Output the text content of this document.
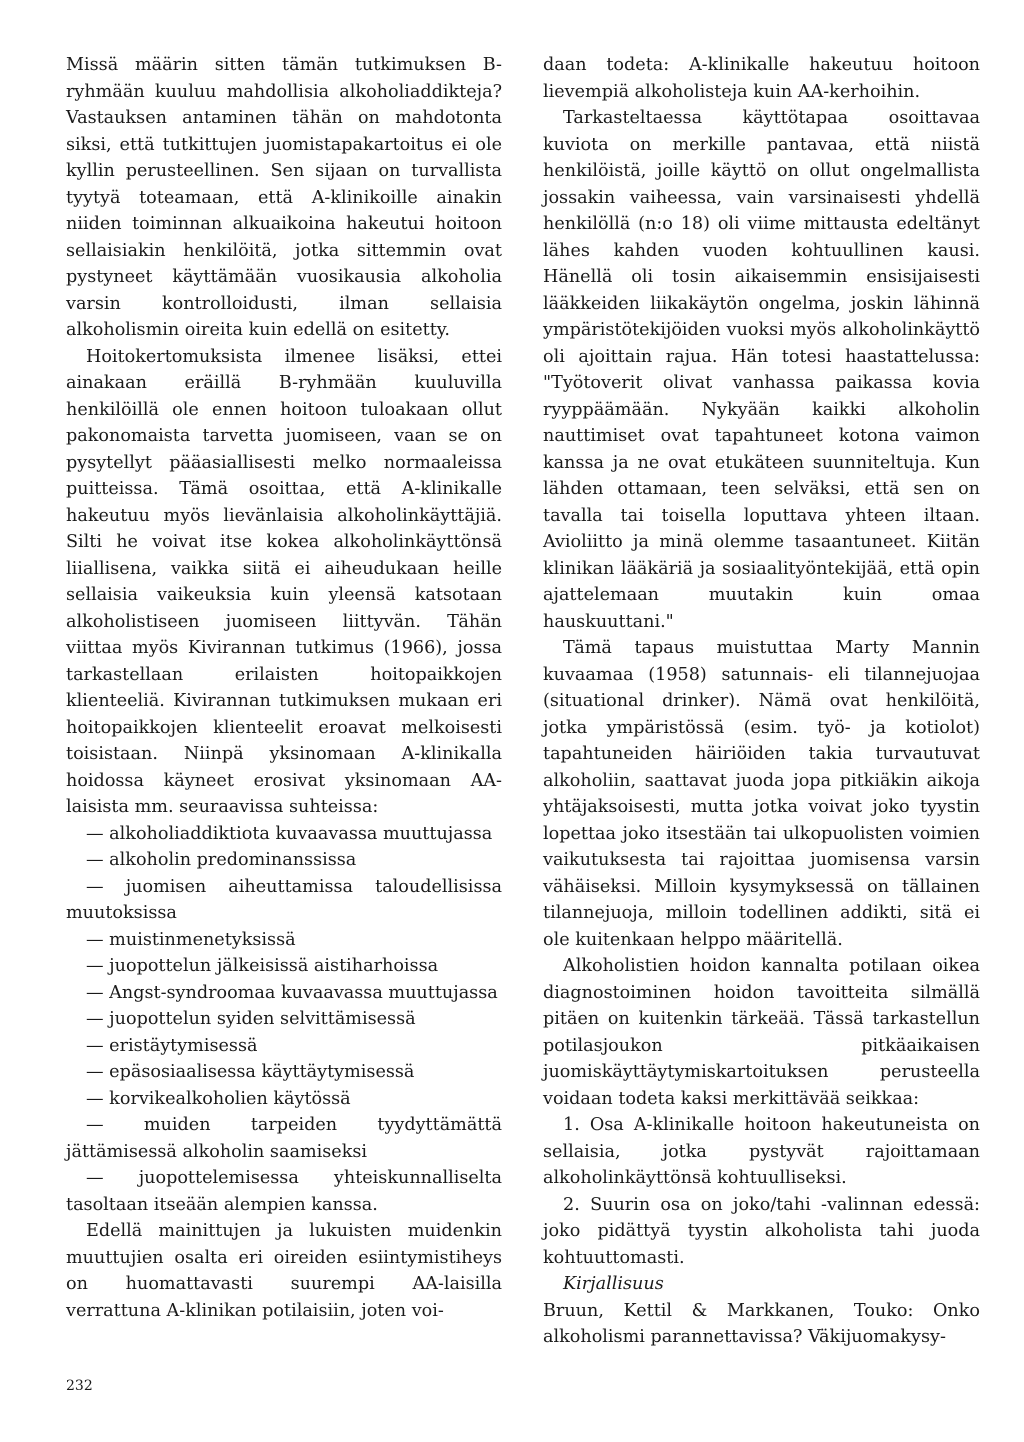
Missä määrin sitten tämän tutkimuksen B-ryhmään kuuluu mahdollisia alkoholiaddikteja? Vastauksen antaminen tähän on mahdotonta siksi, että tutkittujen juomistapakartoitus ei ole kyllin perusteellinen. Sen sijaan on turvallista tyytyä toteamaan, että A-klinikoille ainakin niiden toiminnan alkuaikoina hakeutui hoitoon sellaisiakin henkilöitä, jotka sittemmin ovat pystyneet käyttämään vuosikausia alkoholia varsin kontrolloidusti, ilman sellaisia alkoholismin oireita kuin edellä on esitetty.

Hoitokertomuksista ilmenee lisäksi, ettei ainakaan eräillä B-ryhmään kuuluvilla henkilöillä ole ennen hoitoon tuloakaan ollut pakonomaista tarvetta juomiseen, vaan se on pysytellyt pääasiallisesti melko normaaleissa puitteissa. Tämä osoittaa, että A-klinikalle hakeutuu myös lievänlaisia alkoholinkäyttäjiä. Silti he voivat itse kokea alkoholinkäyttönsä liiallisena, vaikka siitä ei aiheudukaan heille sellaisia vaikeuksia kuin yleensä katsotaan alkoholistiseen juomiseen liittyvän. Tähän viittaa myös Kivirannan tutkimus (1966), jossa tarkastellaan erilaisten hoitopaikkojen klienteeliä. Kivirannan tutkimuksen mukaan eri hoitopaikkojen klienteelit eroavat melkoisesti toisistaan. Niinpä yksinomaan A-klinikalla hoidossa käyneet erosivat yksinomaan AA-laisista mm. seuraavissa suhteissa:

— alkoholiaddiktiota kuvaavassa muuttujassa
— alkoholin predominanssissa
— juomisen aiheuttamissa taloudellisissa muutoksissa
— muistinmenetyksissä
— juopottelun jälkeisissä aistiharhoissa
— Angst-syndroomaa kuvaavassa muuttujassa
— juopottelun syiden selvittämisessä
— eristäytymisessä
— epäsosiaalisessa käyttäytymisessä
— korvikealkoholien käytössä
— muiden tarpeiden tyydyttämättä jättämisessä alkoholin saamiseksi
— juopottelemisessa yhteiskunnalliselta tasoltaan itseään alempien kanssa.

Edellä mainittujen ja lukuisten muidenkin muuttujien osalta eri oireiden esiintymistiheys on huomattavasti suurempi AA-laisilla verrattuna A-klinikan potilaisiin, joten voi-

daan todeta: A-klinikalle hakeutuu hoitoon lievempiä alkoholisteja kuin AA-kerhoihin.

Tarkasteltaessa käyttötapaa osoittavaa kuviota on merkille pantavaa, että niistä henkilöistä, joille käyttö on ollut ongelmallista jossakin vaiheessa, vain varsinaisesti yhdellä henkilöllä (n:o 18) oli viime mittausta edeltänyt lähes kahden vuoden kohtuullinen kausi. Hänellä oli tosin aikaisemmin ensisijaisesti lääkkeiden liikakäytön ongelma, joskin lähinnä ympäristötekijöiden vuoksi myös alkoholinkäyttö oli ajoittain rajua. Hän totesi haastattelussa: "Työtoverit olivat vanhassa paikassa kovia ryyppäämään. Nykyään kaikki alkoholin nauttimiset ovat tapahtuneet kotona vaimon kanssa ja ne ovat etukäteen suunniteltuja. Kun lähden ottamaan, teen selväksi, että sen on tavalla tai toisella loputtava yhteen iltaan. Avioliitto ja minä olemme tasaantuneet. Kiitän klinikan lääkäriä ja sosiaalityöntekijää, että opin ajattelemaan muutakin kuin omaa hauskuuttani."

Tämä tapaus muistuttaa Marty Mannin kuvaamaa (1958) satunnais- eli tilannejuojaa (situational drinker). Nämä ovat henkilöitä, jotka ympäristössä (esim. työ- ja kotiolot) tapahtuneiden häiriöiden takia turvautuvat alkoholiin, saattavat juoda jopa pitkiäkin aikoja yhtäjaksoisesti, mutta jotka voivat joko tyystin lopettaa joko itsestään tai ulkopuolisten voimien vaikutuksesta tai rajoittaa juomisensa varsin vähäiseksi. Milloin kysymyksessä on tällainen tilannejuoja, milloin todellinen addikti, sitä ei ole kuitenkaan helppo määritellä.

Alkoholistien hoidon kannalta potilaan oikea diagnostoiminen hoidon tavoitteita silmällä pitäen on kuitenkin tärkeää. Tässä tarkastellun potilasjoukon pitkäaikaisen juomiskäyttäytymiskartoituksen perusteella voidaan todeta kaksi merkittävää seikkaa:

1. Osa A-klinikalle hoitoon hakeutuneista on sellaisia, jotka pystyvät rajoittamaan alkoholinkäyttönsä kohtuulliseksi.
2. Suurin osa on joko/tahi -valinnan edessä: joko pidättyä tyystin alkoholista tahi juoda kohtuuttomasti.

Kirjallisuus

Bruun, Kettil & Markkanen, Touko: Onko alkoholismi parannettavissa? Väkijuomakysy-

232
